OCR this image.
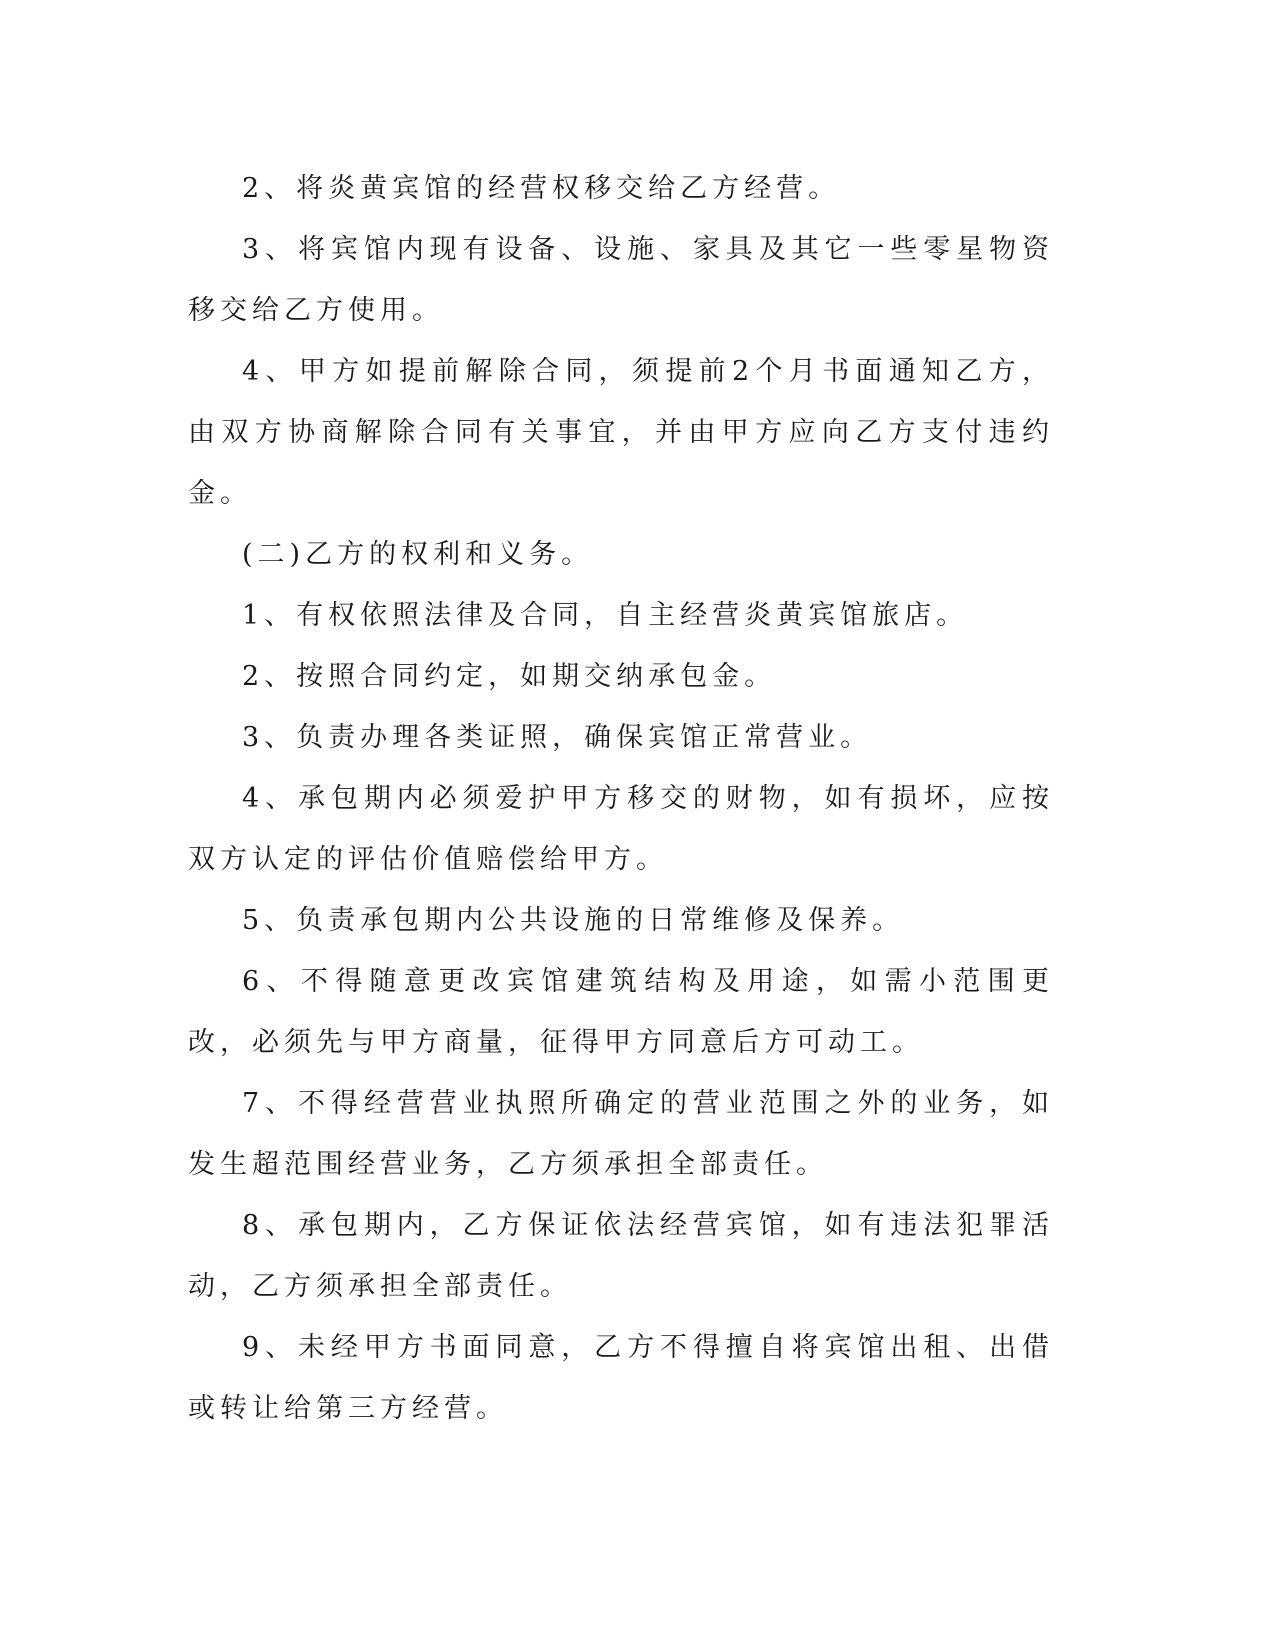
2、将炎黄宾馆的经营权移交给乙方经营。

3、将宾馆内现有设备、设施、家具及其它一些零星物资移交给乙方使用。

4、甲方如提前解除合同，须提前2个月书面通知乙方，由双方协商解除合同有关事宜，并由甲方应向乙方支付违约金。

(二)乙方的权利和义务。

1、有权依照法律及合同，自主经营炎黄宾馆旅店。

2、按照合同约定，如期交纳承包金。

3、负责办理各类证照，确保宾馆正常营业。

4、承包期内必须爱护甲方移交的财物，如有损坏，应按双方认定的评估价值赔偿给甲方。

5、负责承包期内公共设施的日常维修及保养。

6、不得随意更改宾馆建筑结构及用途，如需小范围更改，必须先与甲方商量，征得甲方同意后方可动工。

7、不得经营营业执照所确定的营业范围之外的业务，如发生超范围经营业务，乙方须承担全部责任。

8、承包期内，乙方保证依法经营宾馆，如有违法犯罪活动，乙方须承担全部责任。

9、未经甲方书面同意，乙方不得擅自将宾馆出租、出借或转让给第三方经营。
